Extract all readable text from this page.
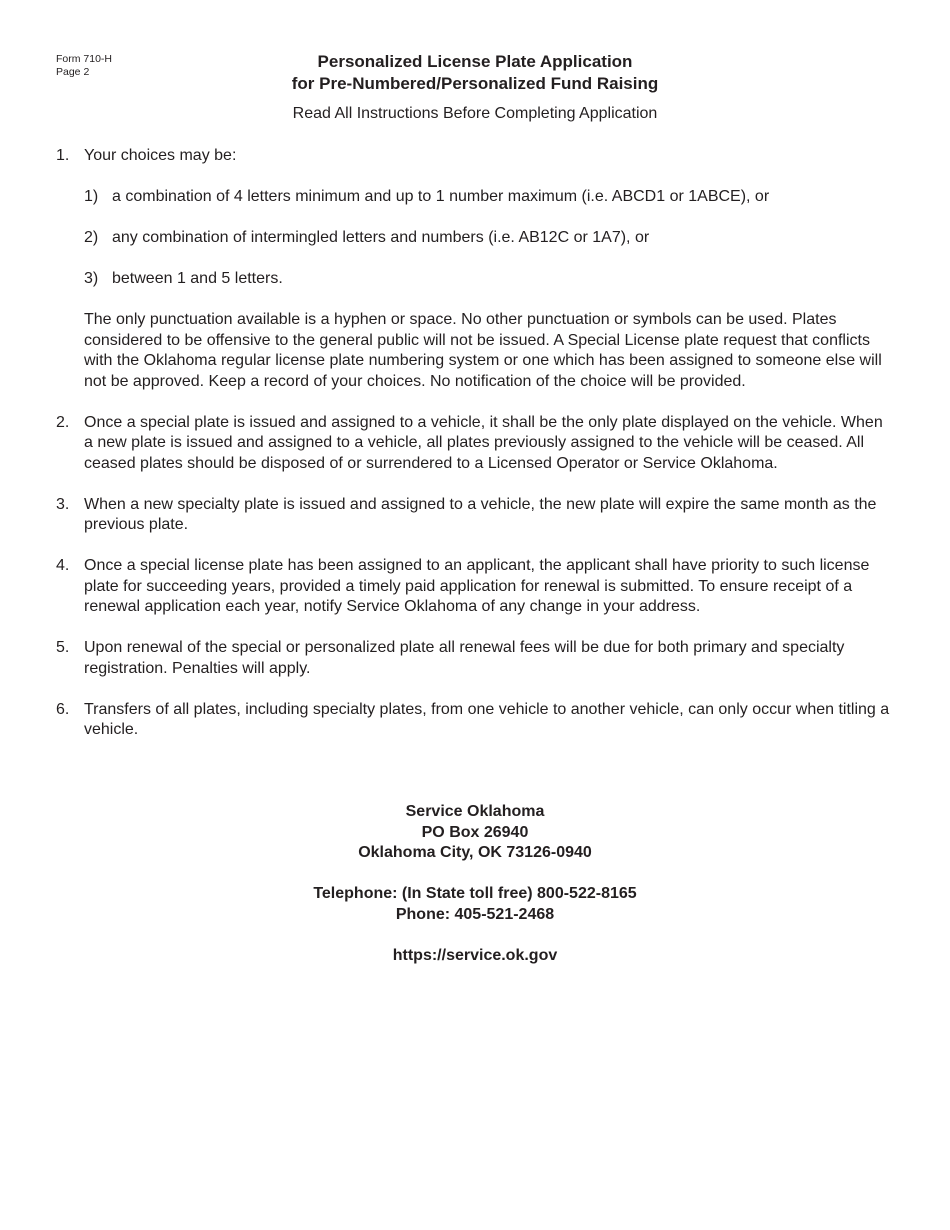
Form 710-H
Page 2
Personalized License Plate Application
for Pre-Numbered/Personalized Fund Raising
Read All Instructions Before Completing Application
1. Your choices may be:
1) a combination of 4 letters minimum and up to 1 number maximum (i.e. ABCD1 or 1ABCE), or
2) any combination of intermingled letters and numbers (i.e. AB12C or 1A7), or
3) between 1 and 5 letters.
The only punctuation available is a hyphen or space. No other punctuation or symbols can be used. Plates considered to be offensive to the general public will not be issued. A Special License plate request that conflicts with the Oklahoma regular license plate numbering system or one which has been assigned to someone else will not be approved. Keep a record of your choices. No notification of the choice will be provided.
2. Once a special plate is issued and assigned to a vehicle, it shall be the only plate displayed on the vehicle. When a new plate is issued and assigned to a vehicle, all plates previously assigned to the vehicle will be ceased. All ceased plates should be disposed of or surrendered to a Licensed Operator or Service Oklahoma.
3. When a new specialty plate is issued and assigned to a vehicle, the new plate will expire the same month as the previous plate.
4. Once a special license plate has been assigned to an applicant, the applicant shall have priority to such license plate for succeeding years, provided a timely paid application for renewal is submitted. To ensure receipt of a renewal application each year, notify Service Oklahoma of any change in your address.
5. Upon renewal of the special or personalized plate all renewal fees will be due for both primary and specialty registration. Penalties will apply.
6. Transfers of all plates, including specialty plates, from one vehicle to another vehicle, can only occur when titling a vehicle.
Service Oklahoma
PO Box 26940
Oklahoma City, OK 73126-0940
Telephone: (In State toll free) 800-522-8165
Phone: 405-521-2468
https://service.ok.gov
